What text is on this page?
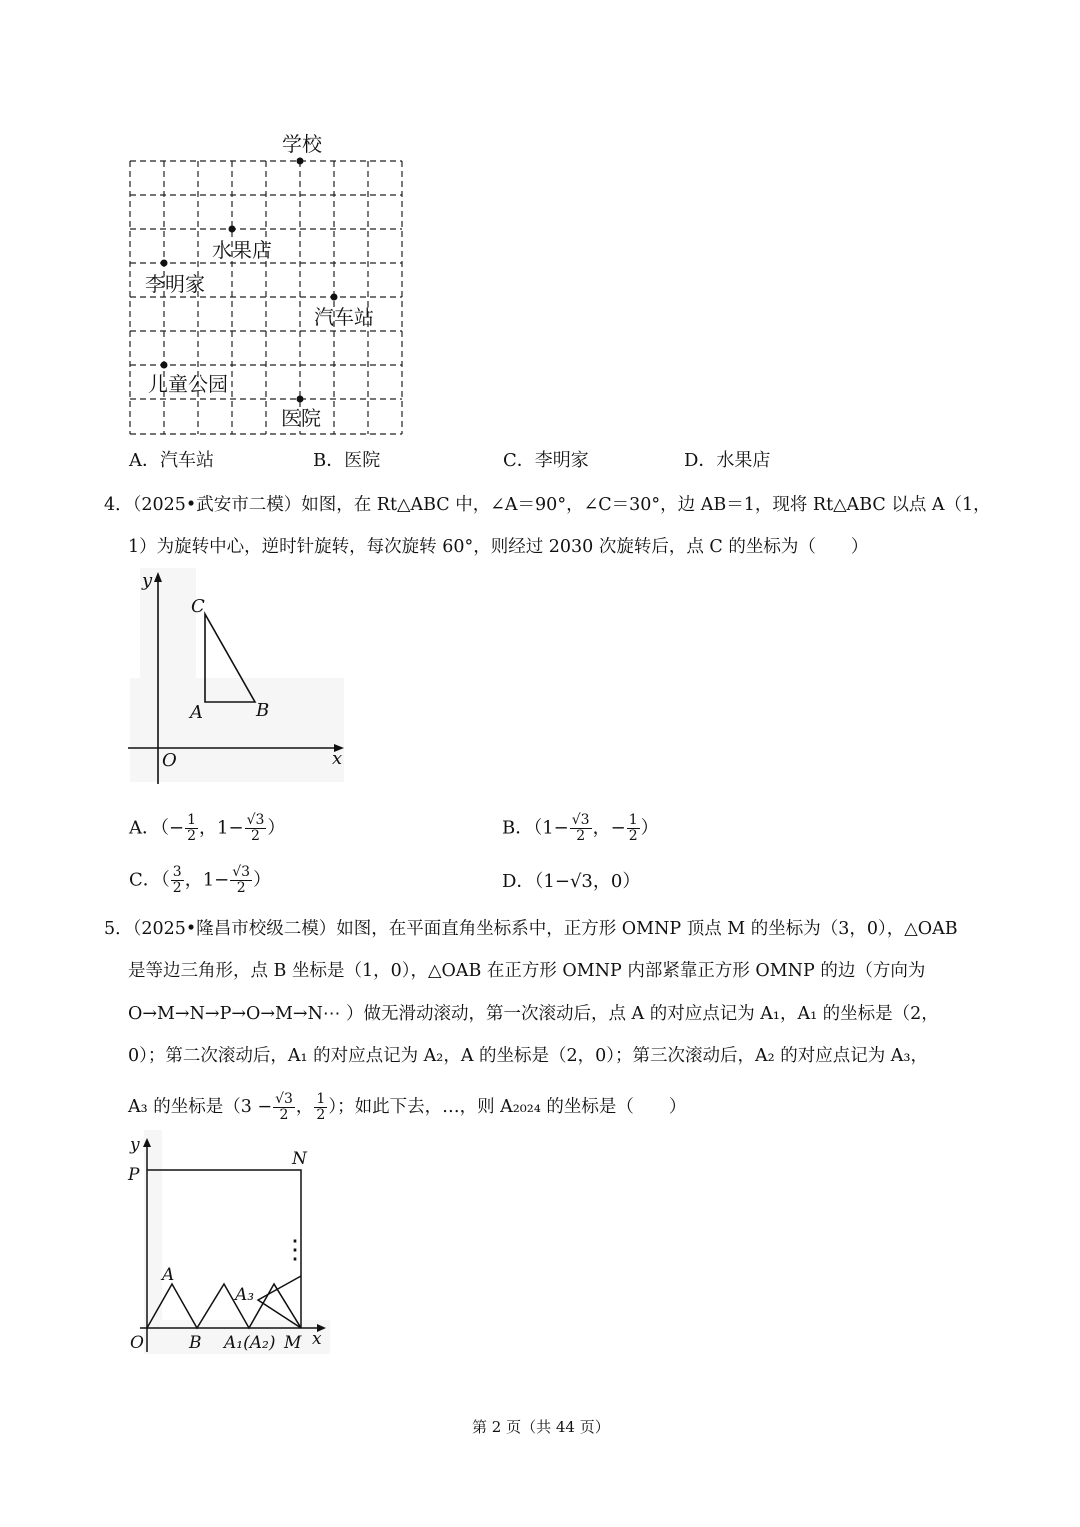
学校
水果店
李明家
汽车站
儿童公园
医院
A．汽车站	B．医院	C．李明家	D．水果店
4．（2025•武安市二模）如图，在 Rt△ABC 中，∠A＝90°，∠C＝30°，边 AB＝1，现将 Rt△ABC 以点 A（1，
1）为旋转中心，逆时针旋转，每次旋转 60°，则经过 2030 次旋转后，点 C 的坐标为（　　）
y
x
O
C
A	B
A．（− $\frac{1}{2}$ ，$1- \frac{√3}{2}$ ）	B．（$1- \frac{√3}{2}$ ，− $\frac{1}{2}$ ）
C．（ $\frac{3}{2}$ ，$1- \frac{√3}{2}$ ）	D．（1−√3，0）
5．（2025•隆昌市校级二模）如图，在平面直角坐标系中，正方形 OMNP 顶点 M 的坐标为（3，0），△OAB
是等边三角形，点 B 坐标是（1，0），△OAB 在正方形 OMNP 内部紧靠正方形 OMNP 的边（方向为
O→M→N→P→O→M→N⋯ ）做无滑动滚动，第一次滚动后，点 A 的对应点记为 A₁，A₁ 的坐标是（2，
0）；第二次滚动后，A₁ 的对应点记为 A₂，A 的坐标是（2，0）；第三次滚动后，A₂ 的对应点记为 A₃，
A₃ 的坐标是（$3 - \frac{√3}{2}$ ， $\frac{1}{2}$ ）；如此下去，…，则 A₂₀₂₄ 的坐标是（　　）
⋮
y
x
O
P
N
A
B A₁(A₂) M
A₃
第 2 页（共 44 页）
